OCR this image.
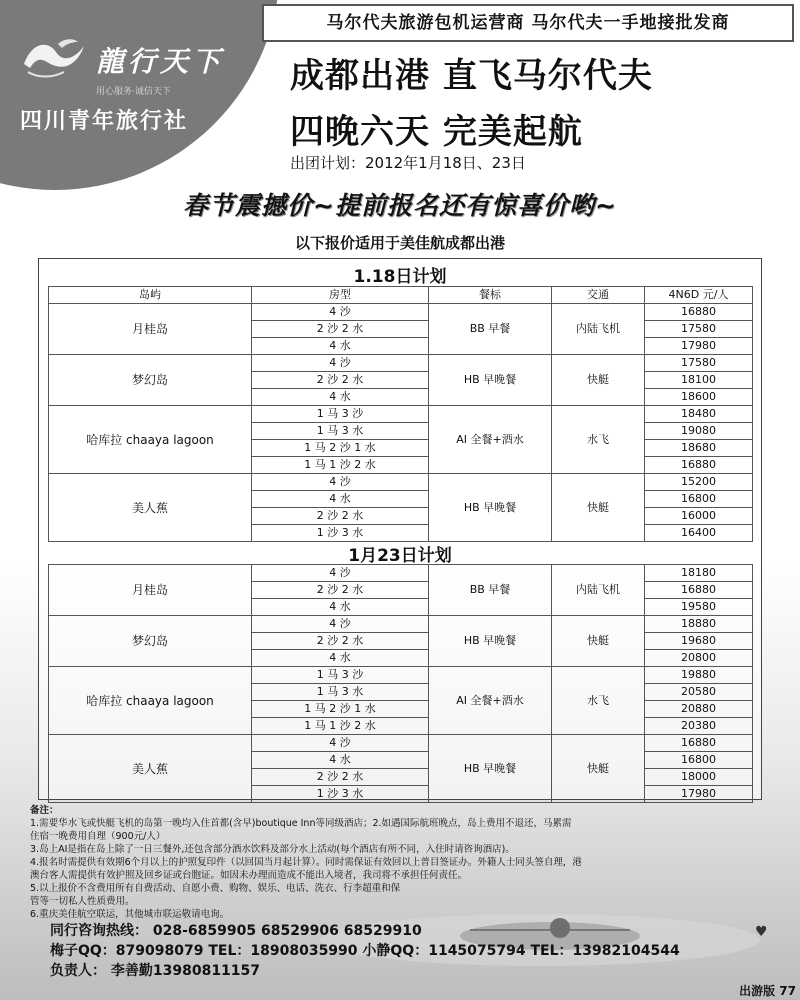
龍行天下
用心服务·诚信天下
四川青年旅行社
马尔代夫旅游包机运营商 马尔代夫一手地接批发商
成都出港 直飞马尔代夫
四晚六天 完美起航
出团计划：2012年1月18日、23日
春节震撼价~提前报名还有惊喜价哟~
以下报价适用于美佳航成都出港
1.18日计划
岛屿	房型	餐标	交通	4N6D 元/人
月桂岛	4 沙	BB 早餐	内陆飞机	16880
	2 沙 2 水			17580
	4 水			17980
梦幻岛	4 沙	HB 早晚餐	快艇	17580
	2 沙 2 水			18100
	4 水			18600
哈库拉 chaaya lagoon	1 马 3 沙	AI 全餐+酒水	水飞	18480
	1 马 3 水			19080
	1 马 2 沙 1 水			18680
	1 马 1 沙 2 水			16880
美人蕉	4 沙	HB 早晚餐	快艇	15200
	4 水			16800
	2 沙 2 水			16000
	1 沙 3 水			16400
1月23日计划
月桂岛	4 沙	BB 早餐	内陆飞机	18180
	2 沙 2 水			16880
	4 水			19580
梦幻岛	4 沙	HB 早晚餐	快艇	18880
	2 沙 2 水			19680
	4 水			20800
哈库拉 chaaya lagoon	1 马 3 沙	AI 全餐+酒水	水飞	19880
	1 马 3 水			20580
	1 马 2 沙 1 水			20880
	1 马 1 沙 2 水			20380
美人蕉	4 沙	HB 早晚餐	快艇	16880
	4 水			16800
	2 沙 2 水			18000
	1 沙 3 水			17980
备注：
1.需要华水飞或快艇飞机的岛第一晚均入住首都(含早)boutique Inn等同级酒店；2.如遇国际航班晚点，岛上费用不退还，马累需
住宿一晚费用自理（900元/人）
3.岛上AI是指在岛上除了一日三餐外,还包含部分酒水饮料及部分水上活动(每个酒店有所不同，入住时请咨询酒店)。
4.报名时需提供有效期6个月以上的护照复印件（以回国当月起计算）。同时需保证有效回以上普目签证办。外籍人士同头签自理，港
澳台客人需提供有效护照及回乡证或台胞证。如因未办理而造成不能出入境者，我司将不承担任何责任。
5.以上报价不含费用所有自费活动、自愿小费、购物、娱乐、电话、洗衣、行李超重和保
管等一切私人性质费用。
6.重庆美佳航空联运，其他城市联运敬请电询。
同行咨询热线： 028-6859905 68529906 68529910
梅子QQ：879098079 TEL：18908035990 小静QQ：1145075794 TEL：13982104544
负责人： 李善勤13980811157
♥
出游版 77
